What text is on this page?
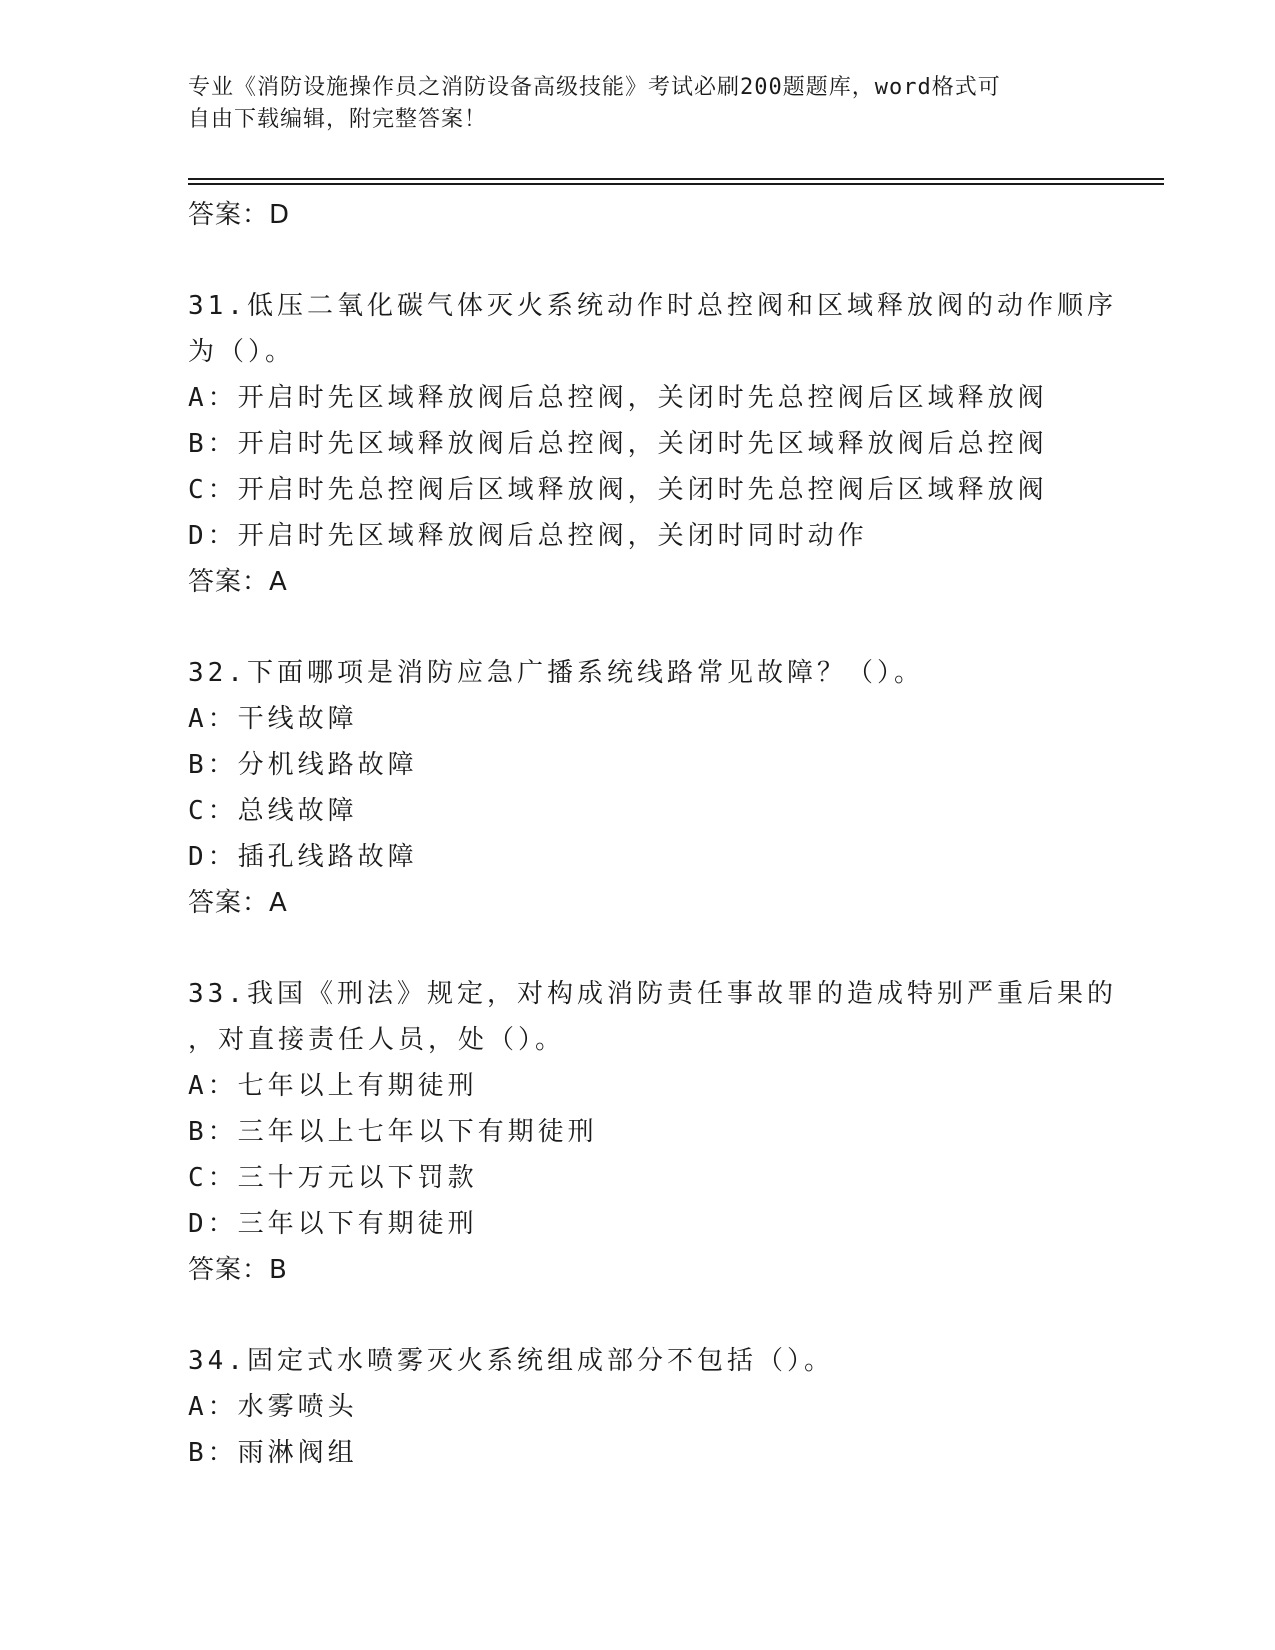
专业《消防设施操作员之消防设备高级技能》考试必刷200题题库，word格式可
自由下载编辑，附完整答案！
答案：D
31.低压二氧化碳气体灭火系统动作时总控阀和区域释放阀的动作顺序
为（）。
A：开启时先区域释放阀后总控阀，关闭时先总控阀后区域释放阀
B：开启时先区域释放阀后总控阀，关闭时先区域释放阀后总控阀
C：开启时先总控阀后区域释放阀，关闭时先总控阀后区域释放阀
D：开启时先区域释放阀后总控阀，关闭时同时动作
答案：A
32.下面哪项是消防应急广播系统线路常见故障？（）。
A：干线故障
B：分机线路故障
C：总线故障
D：插孔线路故障
答案：A
33.我国《刑法》规定，对构成消防责任事故罪的造成特别严重后果的
，对直接责任人员，处（）。
A：七年以上有期徒刑
B：三年以上七年以下有期徒刑
C：三十万元以下罚款
D：三年以下有期徒刑
答案：B
34.固定式水喷雾灭火系统组成部分不包括（）。
A：水雾喷头
B：雨淋阀组
